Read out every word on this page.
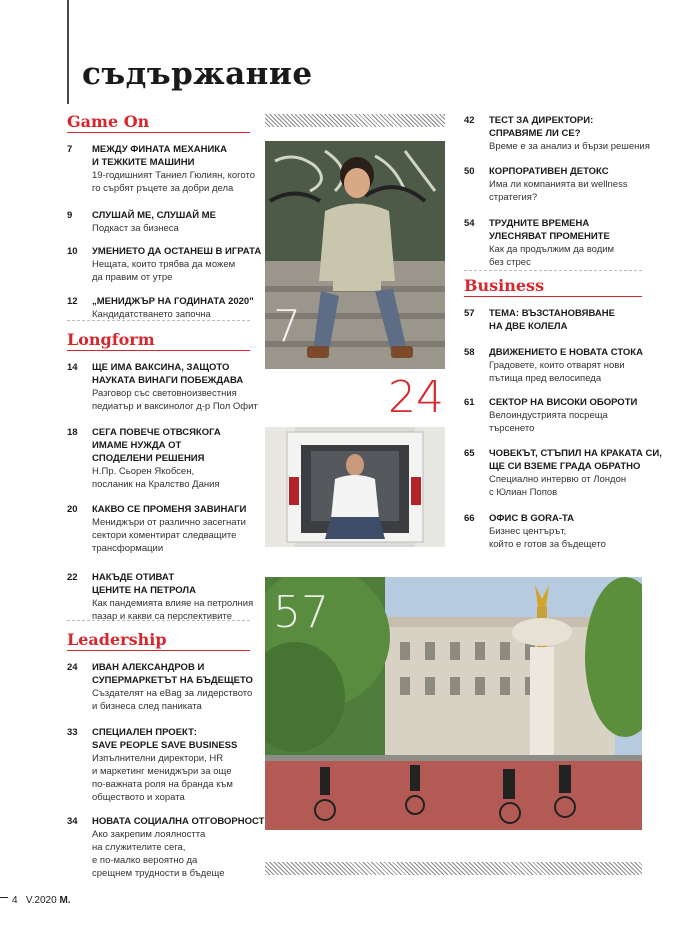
съдържание
Game On
Longform
Leadership
7 МЕЖДУ ФИНАТА МЕХАНИКА
И ТЕЖКИТЕ МАШИНИ
19-годишният Таниел Гюлиян, когото
го сърбят ръцете за добри дела
9 СЛУШАЙ МЕ, СЛУШАЙ МЕ
Подкаст за бизнеса
10 УМЕНИЕТО ДА ОСТАНЕШ В ИГРАТА
Нещата, които трябва да можем
да правим от утре
12 „МЕНИДЖЪР НА ГОДИНАТА 2020"
Кандидатстването започна
14 ЩЕ ИМА ВАКСИНА, ЗАЩОТО
НАУКАТА ВИНАГИ ПОБЕЖДАВА
Разговор със световноизвестния
педиатър и ваксинолог д-р Пол Офит
18 СЕГА ПОВЕЧЕ ОТВСЯКОГА
ИМАМЕ НУЖДА ОТ
СПОДЕЛЕНИ РЕШЕНИЯ
Н.Пр. Сьорен Якобсен,
посланик на Кралство Дания
20 КАКВО СЕ ПРОМЕНЯ ЗАВИНАГИ
Мениджъри от различно засегнати
сектори коментират следващите
трансформации
22 НАКЪДЕ ОТИВАТ
ЦЕНИТЕ НА ПЕТРОЛА
Как пандемията влияе на петролния
пазар и какви са перспективите
24 ИВАН АЛЕКСАНДРОВ И
СУПЕРМАРКЕТЪТ НА БЪДЕЩЕТО
Създателят на eBag за лидерството
и бизнеса след паниката
33 СПЕЦИАЛЕН ПРОЕКТ:
SAVE PEOPLE SAVE BUSINESS
Изпълнителни директори, HR
и маркетинг мениджъри за още
по-важната роля на бранда към
обществото и хората
34 НОВАТА СОЦИАЛНА ОТГОВОРНОСТ
Ако закрепим лоялността
на служителите сега,
е по-малко вероятно да
срещнем трудности в бъдеще
7
24
42 ТЕСТ ЗА ДИРЕКТОРИ:
СПРАВЯМЕ ЛИ СЕ?
Време е за анализ и бързи решения
50 КОРПОРАТИВЕН ДЕТОКС
Има ли компанията ви wellness
стратегия?
54 ТРУДНИТЕ ВРЕМЕНА
УЛЕСНЯВАТ ПРОМЕНИТЕ
Как да продължим да водим
без стрес
Business
57 ТЕМА: ВЪЗСТАНОВЯВАНЕ
НА ДВЕ КОЛЕЛА
58 ДВИЖЕНИЕТО Е НОВАТА СТОКА
Градовете, които отварят нови
пътища пред велосипеда
61 СЕКТОР НА ВИСОКИ ОБОРОТИ
Велоиндустрията посреща
търсенето
65 ЧОВЕКЪТ, СТЪПИЛ НА КРАКАТА СИ,
ЩЕ СИ ВЗЕМЕ ГРАДА ОБРАТНО
Специално интервю от Лондон
с Юлиан Попов
66 ОФИС В GORA-TA
Бизнес центърът,
който е готов за бъдещето
57
4 V.2020 M.
